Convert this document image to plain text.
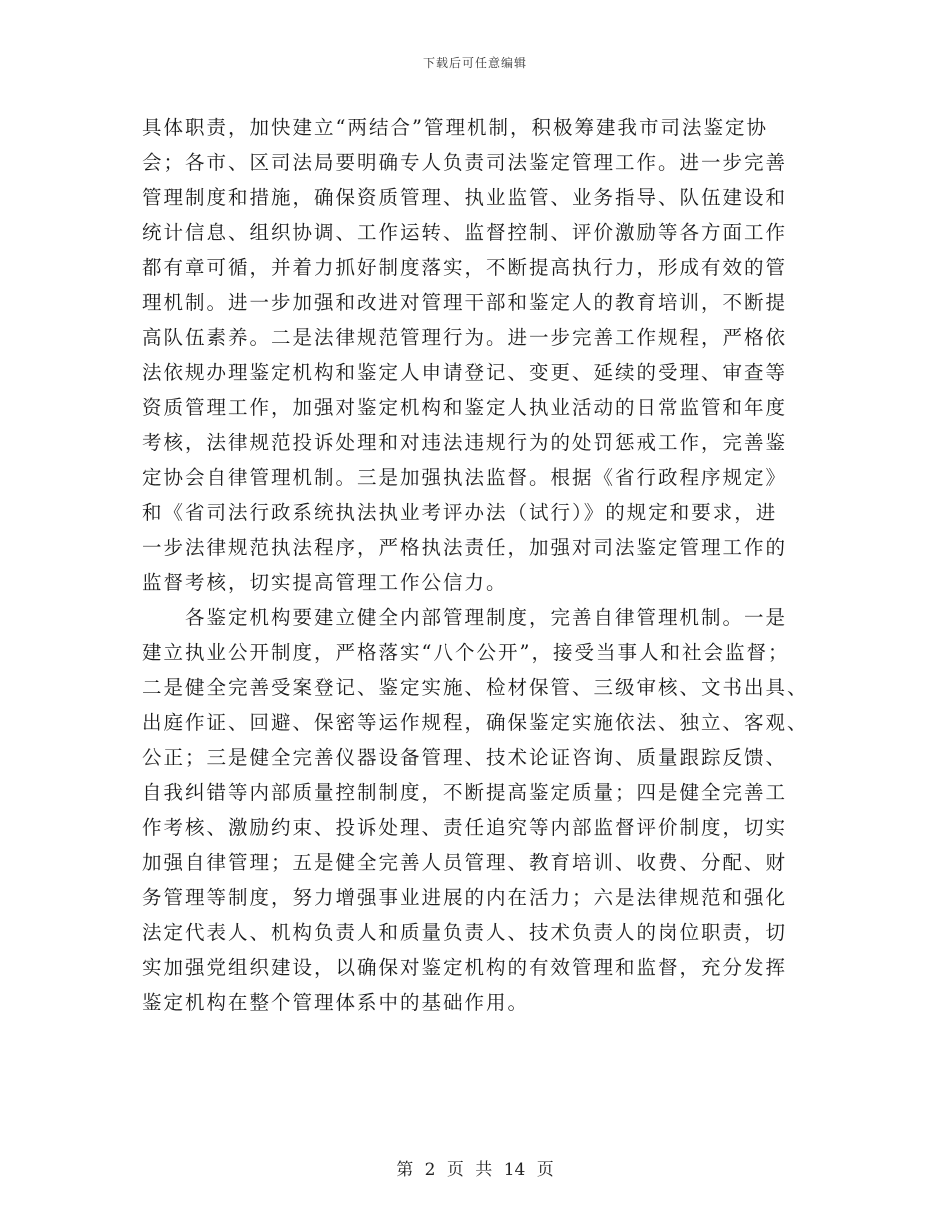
下载后可任意编辑
具体职责，加快建立“两结合”管理机制，积极筹建我市司法鉴定协
会；各市、区司法局要明确专人负责司法鉴定管理工作。进一步完善
管理制度和措施，确保资质管理、执业监管、业务指导、队伍建设和
统计信息、组织协调、工作运转、监督控制、评价激励等各方面工作
都有章可循，并着力抓好制度落实，不断提高执行力，形成有效的管
理机制。进一步加强和改进对管理干部和鉴定人的教育培训，不断提
高队伍素养。二是法律规范管理行为。进一步完善工作规程，严格依
法依规办理鉴定机构和鉴定人申请登记、变更、延续的受理、审查等
资质管理工作，加强对鉴定机构和鉴定人执业活动的日常监管和年度
考核，法律规范投诉处理和对违法违规行为的处罚惩戒工作，完善鉴
定协会自律管理机制。三是加强执法监督。根据《省行政程序规定》
和《省司法行政系统执法执业考评办法（试行）》的规定和要求，进
一步法律规范执法程序，严格执法责任，加强对司法鉴定管理工作的
监督考核，切实提高管理工作公信力。
　　各鉴定机构要建立健全内部管理制度，完善自律管理机制。一是
建立执业公开制度，严格落实“八个公开”，接受当事人和社会监督；
二是健全完善受案登记、鉴定实施、检材保管、三级审核、文书出具、
出庭作证、回避、保密等运作规程，确保鉴定实施依法、独立、客观、
公正；三是健全完善仪器设备管理、技术论证咨询、质量跟踪反馈、
自我纠错等内部质量控制制度，不断提高鉴定质量；四是健全完善工
作考核、激励约束、投诉处理、责任追究等内部监督评价制度，切实
加强自律管理；五是健全完善人员管理、教育培训、收费、分配、财
务管理等制度，努力增强事业进展的内在活力；六是法律规范和强化
法定代表人、机构负责人和质量负责人、技术负责人的岗位职责，切
实加强党组织建设，以确保对鉴定机构的有效管理和监督，充分发挥
鉴定机构在整个管理体系中的基础作用。
第 2 页 共 14 页
